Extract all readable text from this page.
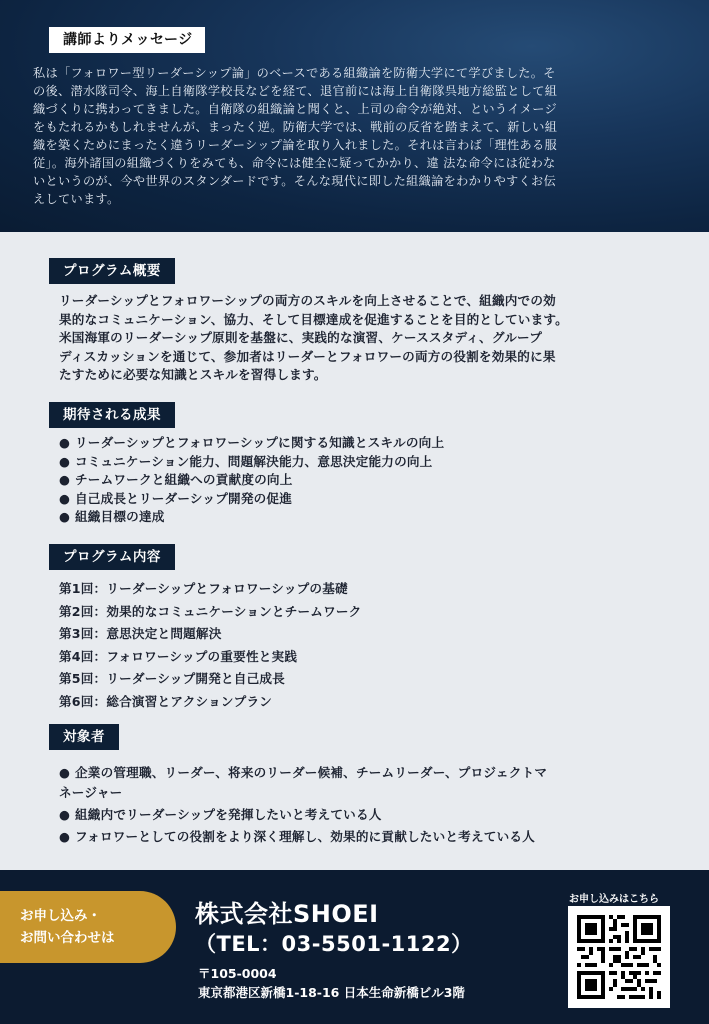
講師よりメッセージ

私は「フォロワー型リーダーシップ論」のベースである組織論を防衛大学にて学びました。そ

の後、潜水隊司令、海上自衛隊学校長などを経て、退官前には海上自衛隊呉地方総監として組

織づくりに携わってきました。自衛隊の組織論と聞くと、上司の命令が絶対、というイメージ

をもたれるかもしれませんが、まったく逆。防衛大学では、戦前の反省を踏まえて、新しい組

織を築くためにまったく違うリーダーシップ論を取り入れました。それは言わば「理性ある服

従」。海外諸国の組織づくりをみても、命令には健全に疑ってかかり、違 法な命令には従わな

いというのが、今や世界のスタンダードです。そんな現代に即した組織論をわかりやすくお伝

えしています。

プログラム概要

リーダーシップとフォロワーシップの両方のスキルを向上させることで、組織内での効

果的なコミュニケーション、協力、そして目標達成を促進することを目的としています。

米国海軍のリーダーシップ原則を基盤に、実践的な演習、ケーススタディ、グループ

ディスカッションを通じて、参加者はリーダーとフォロワーの両方の役割を効果的に果

たすために必要な知識とスキルを習得します。

期待される成果
● リーダーシップとフォロワーシップに関する知識とスキルの向上
● コミュニケーション能力、問題解決能力、意思決定能力の向上
● チームワークと組織への貢献度の向上
● 自己成長とリーダーシップ開発の促進
● 組織目標の達成
プログラム内容
第1回：リーダーシップとフォロワーシップの基礎
第2回：効果的なコミュニケーションとチームワーク
第3回：意思決定と問題解決
第4回：フォロワーシップの重要性と実践
第5回：リーダーシップ開発と自己成長
第6回：総合演習とアクションプラン
対象者
● 企業の管理職、リーダー、将来のリーダー候補、チームリーダー、プロジェクトマ
ネージャー
● 組織内でリーダーシップを発揮したいと考えている人
● フォロワーとしての役割をより深く理解し、効果的に貢献したいと考えている人
お申し込み・
お問い合わせは
株式会社SHOEI
（TEL：03-5501-1122）
〒105-0004
東京都港区新橋1-18-16 日本生命新橋ビル3階
お申し込みはこちら
